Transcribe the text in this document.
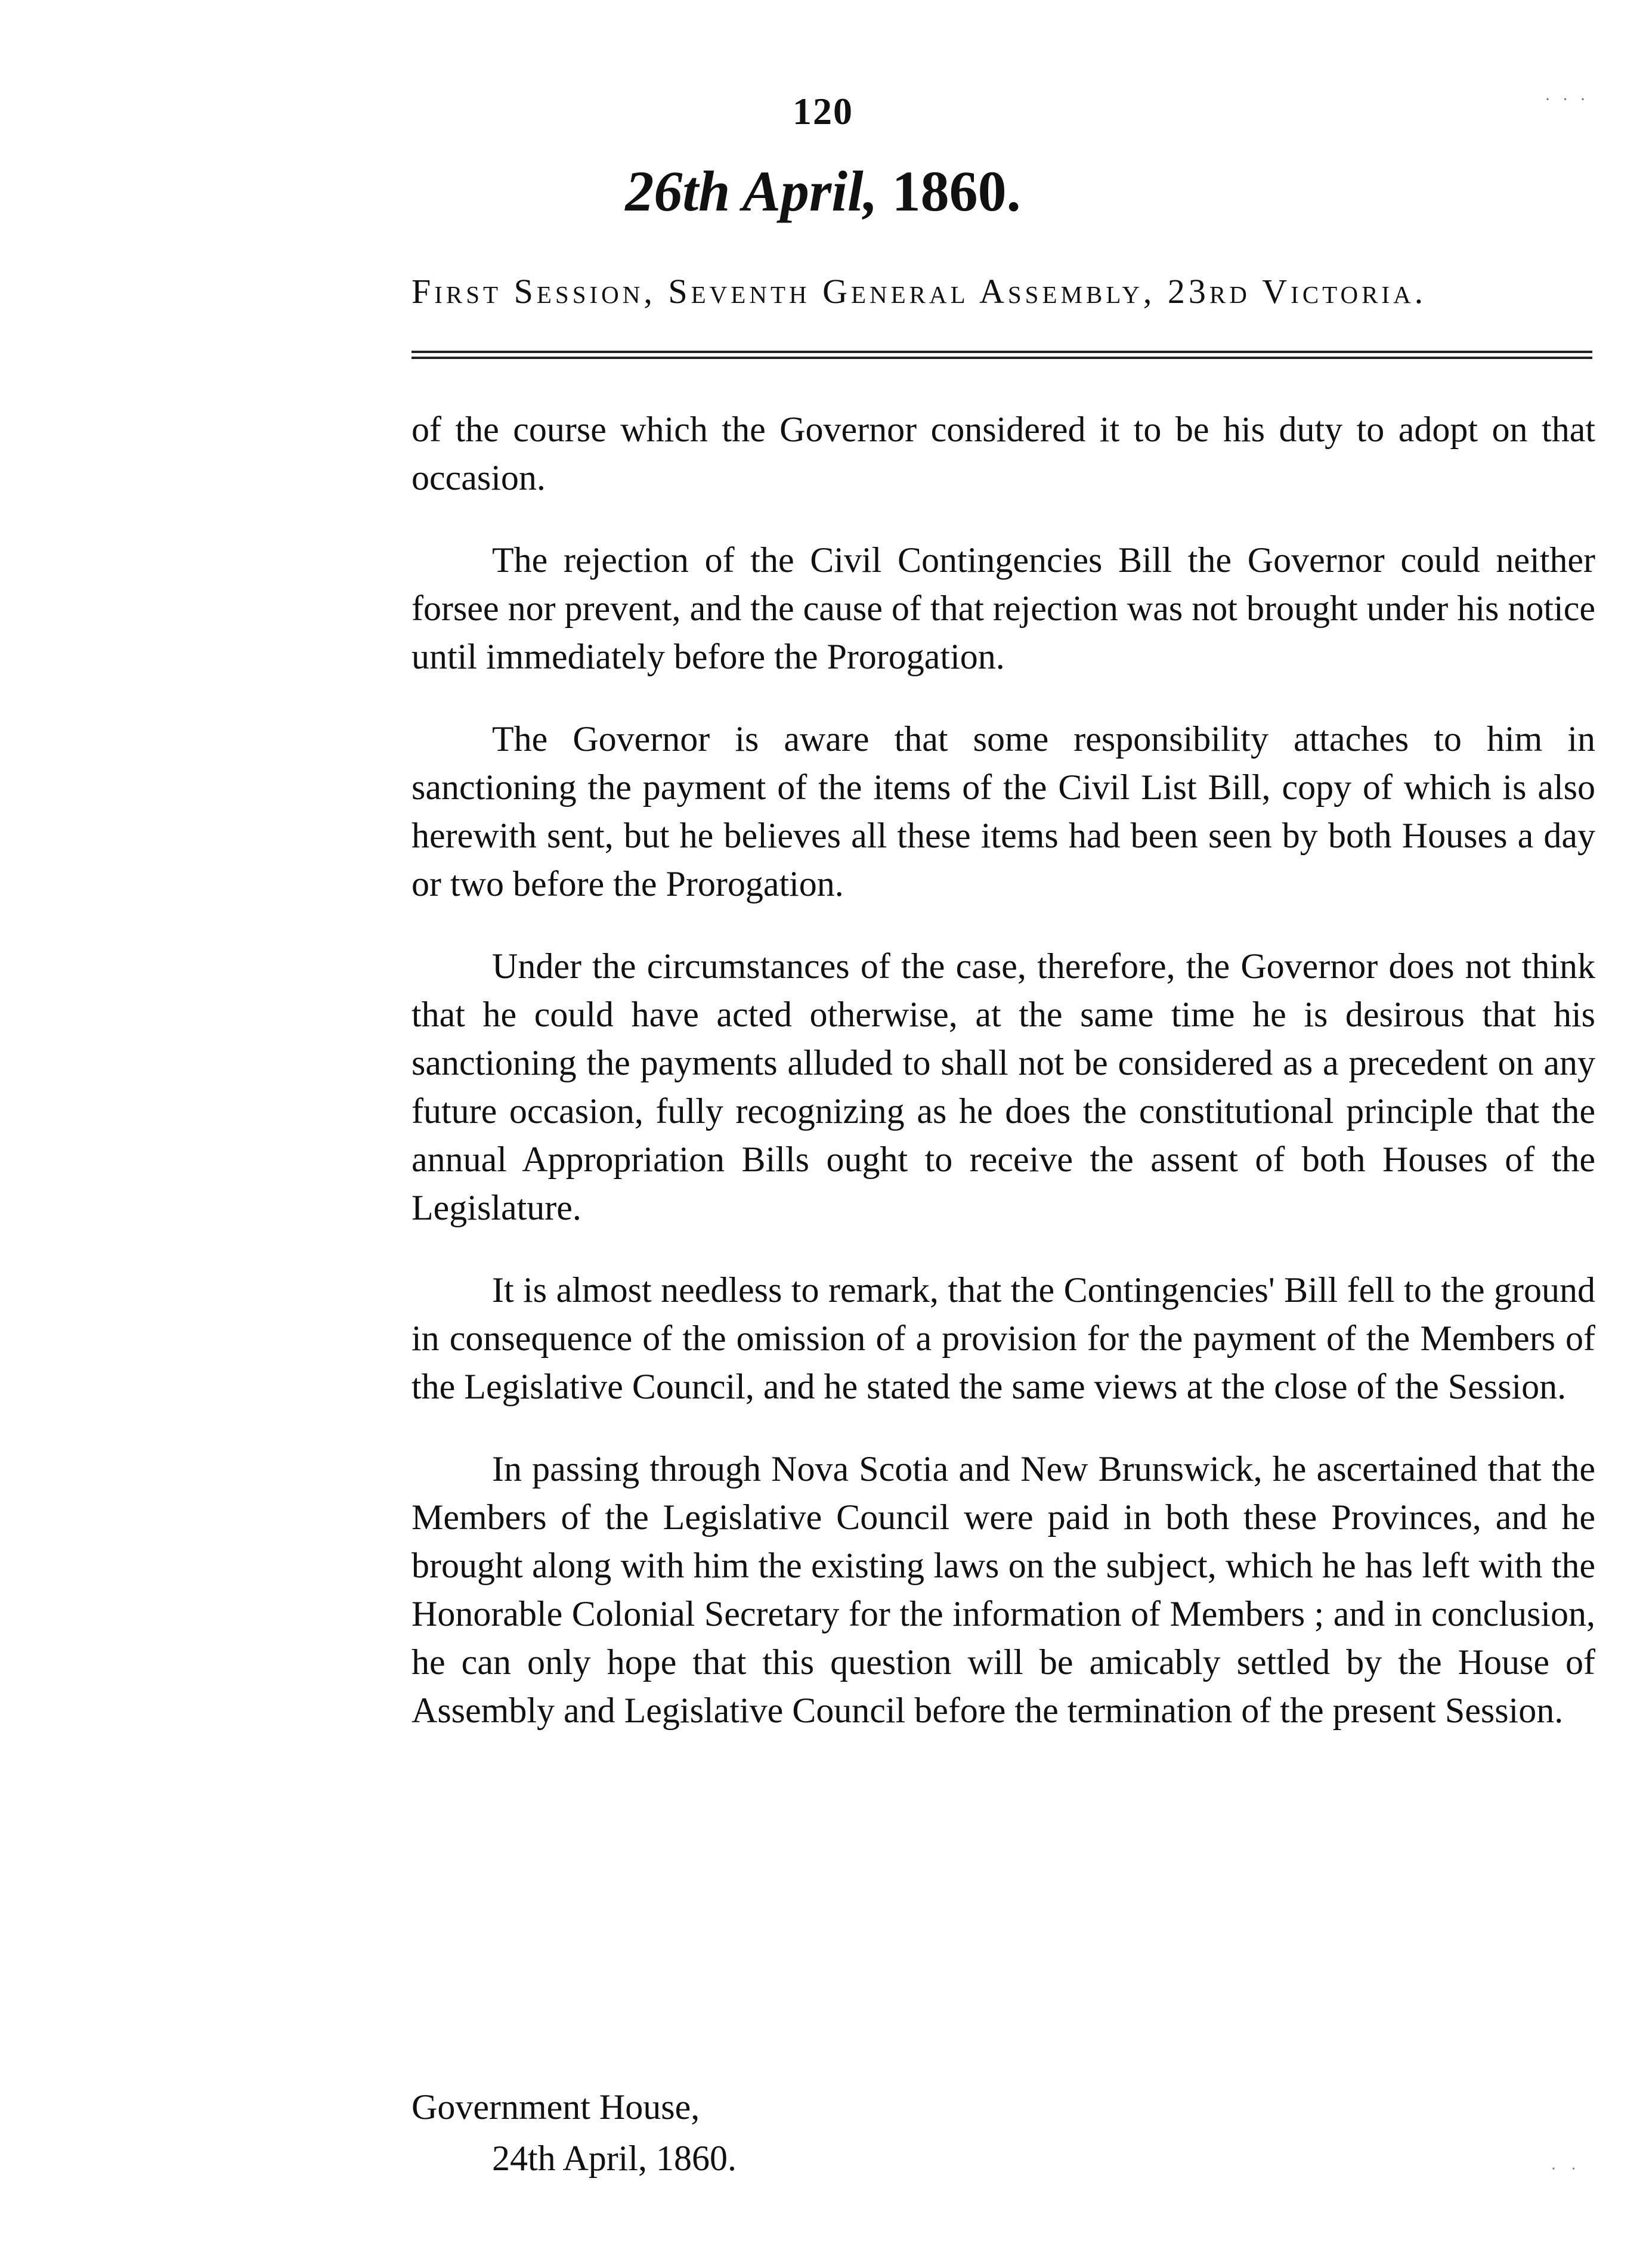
120
26th April, 1860.
First Session, Seventh General Assembly, 23rd Victoria.

of the course which the Governor considered it to be his duty to adopt on that occasion.

The rejection of the Civil Contingencies Bill the Governor could neither forsee nor prevent, and the cause of that rejection was not brought under his notice until immediately before the Prorogation.

The Governor is aware that some responsibility attaches to him in sanctioning the payment of the items of the Civil List Bill, copy of which is also herewith sent, but he believes all these items had been seen by both Houses a day or two before the Prorogation.

Under the circumstances of the case, therefore, the Governor does not think that he could have acted otherwise, at the same time he is desirous that his sanctioning the payments alluded to shall not be considered as a precedent on any future occasion, fully recognizing as he does the constitutional principle that the annual Appropriation Bills ought to receive the assent of both Houses of the Legislature.

It is almost needless to remark, that the Contingencies' Bill fell to the ground in consequence of the omission of a provision for the payment of the Members of the Legislative Council, and he stated the same views at the close of the Session.

In passing through Nova Scotia and New Brunswick, he ascertained that the Members of the Legislative Council were paid in both these Provinces, and he brought along with him the existing laws on the subject, which he has left with the Honorable Colonial Secretary for the information of Members ; and in conclusion, he can only hope that this question will be amicably settled by the House of Assembly and Legislative Council before the termination of the present Session.

Government House,
24th April, 1860.
· · ·
· ·
